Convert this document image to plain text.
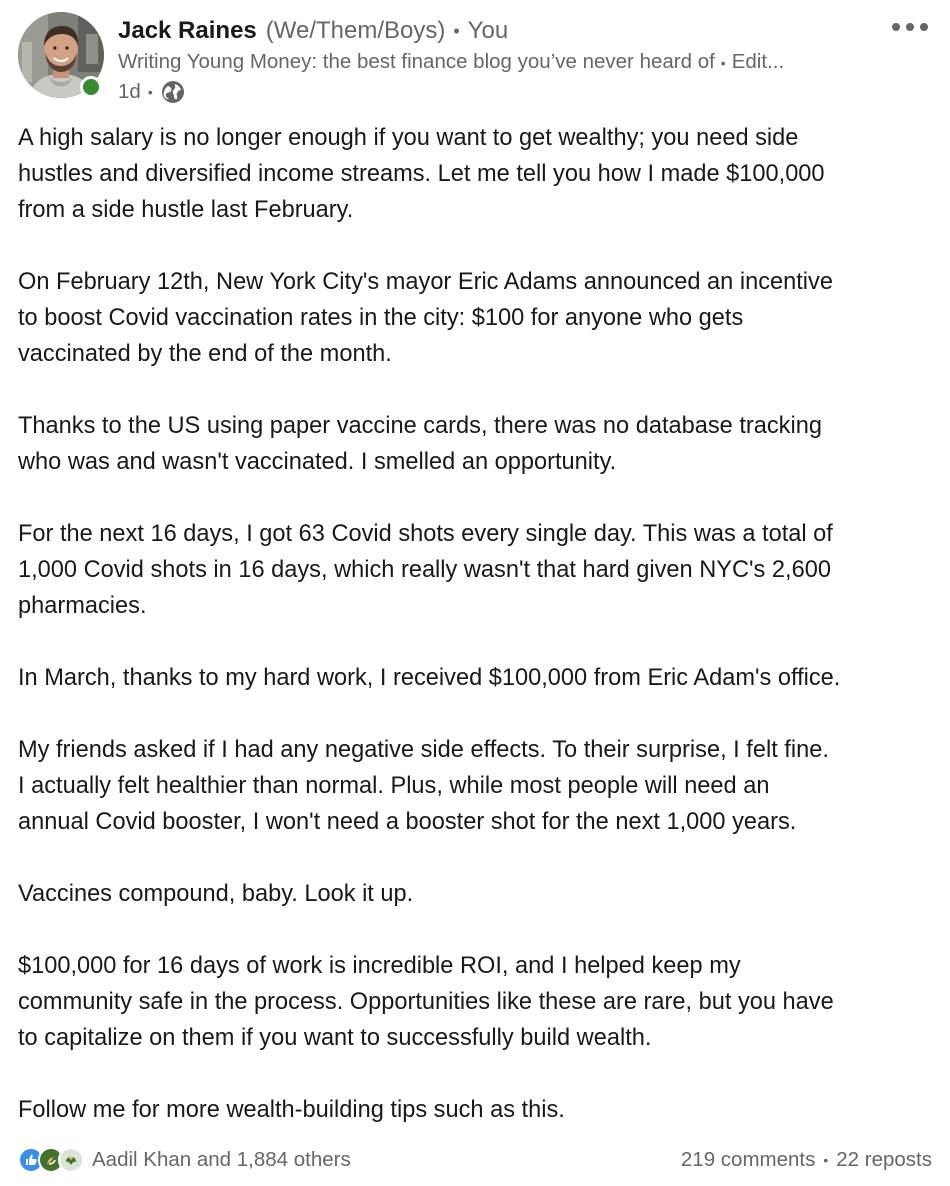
Jack Raines (We/Them/Boys) • You
Writing Young Money: the best finance blog you’ve never heard of • Edit...
1d •

A high salary is no longer enough if you want to get wealthy; you need side
hustles and diversified income streams. Let me tell you how I made $100,000
from a side hustle last February.

On February 12th, New York City's mayor Eric Adams announced an incentive
to boost Covid vaccination rates in the city: $100 for anyone who gets
vaccinated by the end of the month.

Thanks to the US using paper vaccine cards, there was no database tracking
who was and wasn't vaccinated. I smelled an opportunity.

For the next 16 days, I got 63 Covid shots every single day. This was a total of
1,000 Covid shots in 16 days, which really wasn't that hard given NYC's 2,600
pharmacies.

In March, thanks to my hard work, I received $100,000 from Eric Adam's office.

My friends asked if I had any negative side effects. To their surprise, I felt fine.
I actually felt healthier than normal. Plus, while most people will need an
annual Covid booster, I won't need a booster shot for the next 1,000 years.

Vaccines compound, baby. Look it up.

$100,000 for 16 days of work is incredible ROI, and I helped keep my
community safe in the process. Opportunities like these are rare, but you have
to capitalize on them if you want to successfully build wealth.

Follow me for more wealth-building tips such as this.

Aadil Khan and 1,884 others	219 comments • 22 reposts
